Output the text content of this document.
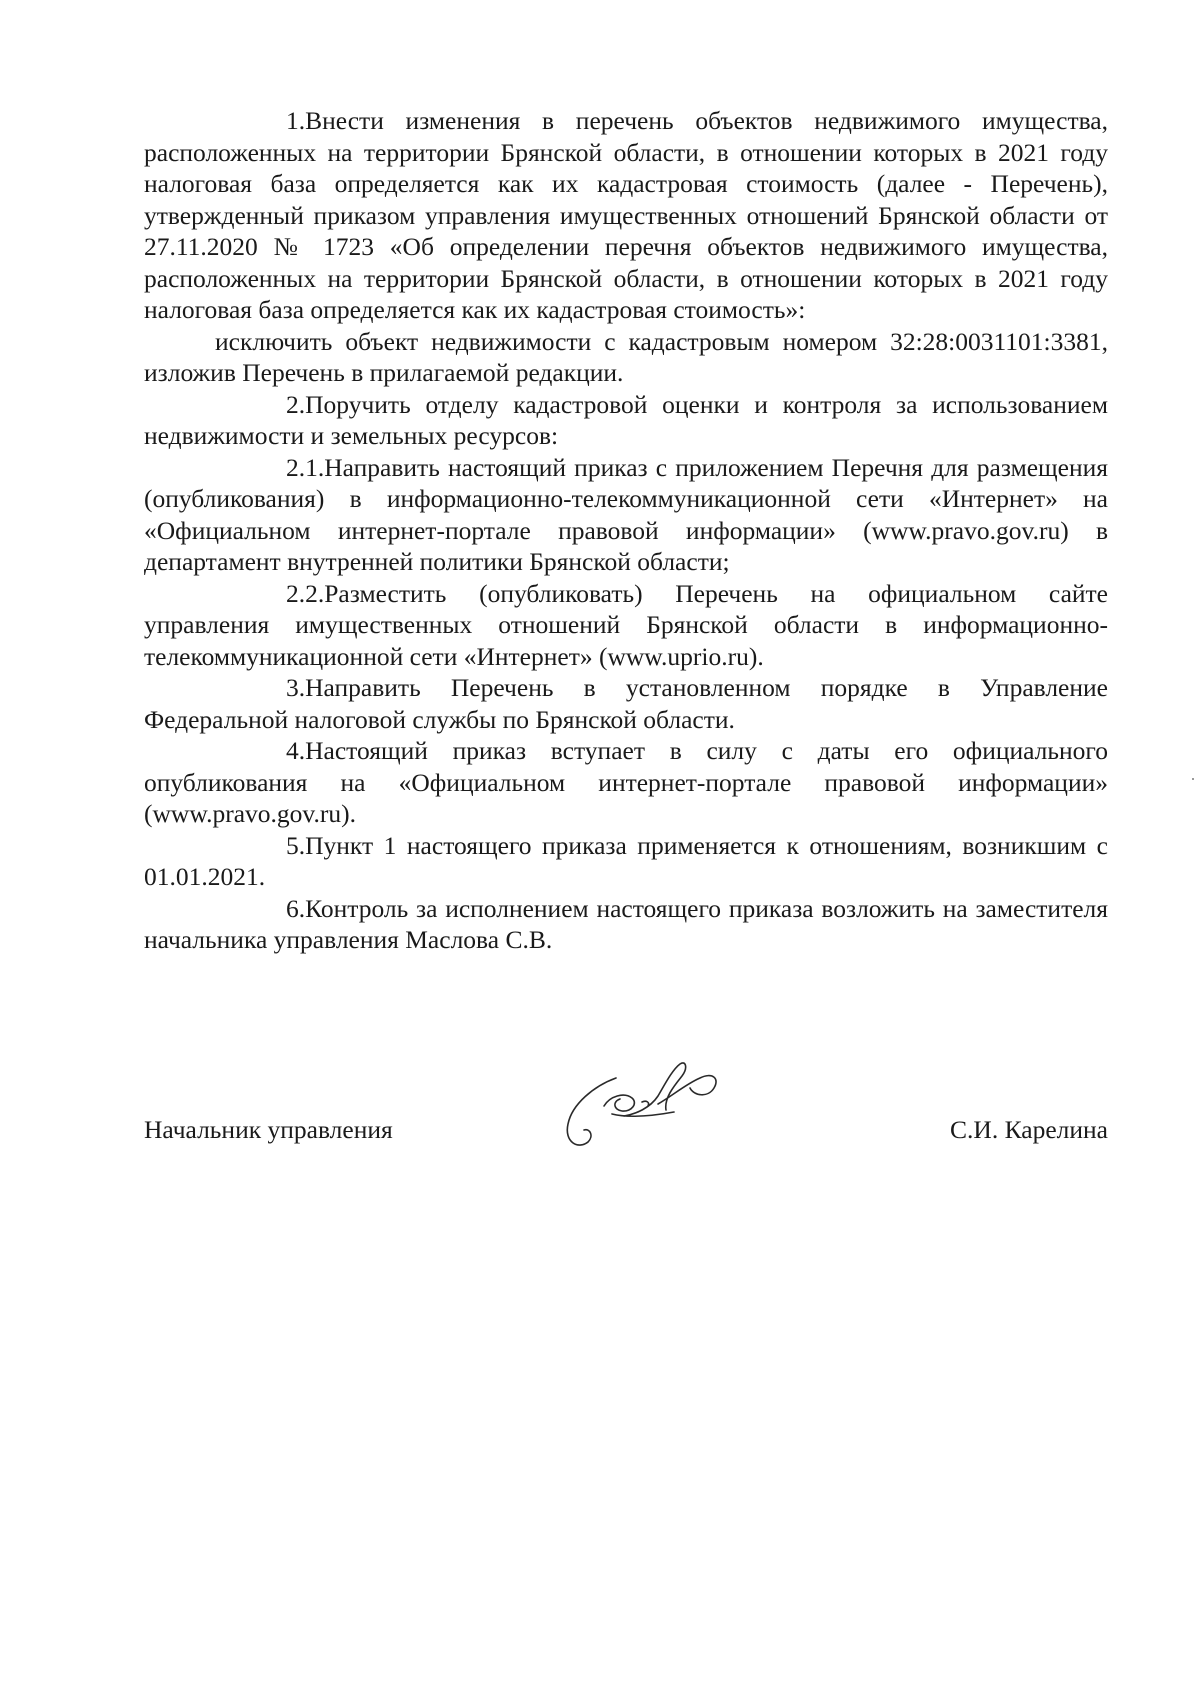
1.Внести изменения в перечень объектов недвижимого имущества, расположенных на территории Брянской области, в отношении которых в 2021 году налоговая база определяется как их кадастровая стоимость (далее - Перечень), утвержденный приказом управления имущественных отношений Брянской области от 27.11.2020 № 1723 «Об определении перечня объектов недвижимого имущества, расположенных на территории Брянской области, в отношении которых в 2021 году налоговая база определяется как их кадастровая стоимость»:

исключить объект недвижимости с кадастровым номером 32:28:0031101:3381, изложив Перечень в прилагаемой редакции.

2.Поручить отделу кадастровой оценки и контроля за использованием недвижимости и земельных ресурсов:

2.1.Направить настоящий приказ с приложением Перечня для размещения (опубликования) в информационно-телекоммуникационной сети «Интернет» на «Официальном интернет-портале правовой информации» (www.pravo.gov.ru) в департамент внутренней политики Брянской области;

2.2.Разместить (опубликовать) Перечень на официальном сайте управления имущественных отношений Брянской области в информационно-телекоммуникационной сети «Интернет» (www.uprio.ru).

3.Направить Перечень в установленном порядке в Управление Федеральной налоговой службы по Брянской области.

4.Настоящий приказ вступает в силу с даты его официального опубликования на «Официальном интернет-портале правовой информации» (www.pravo.gov.ru).

5.Пункт 1 настоящего приказа применяется к отношениям, возникшим с 01.01.2021.

6.Контроль за исполнением настоящего приказа возложить на заместителя начальника управления Маслова С.В.

Начальник управления	С.И. Карелина
